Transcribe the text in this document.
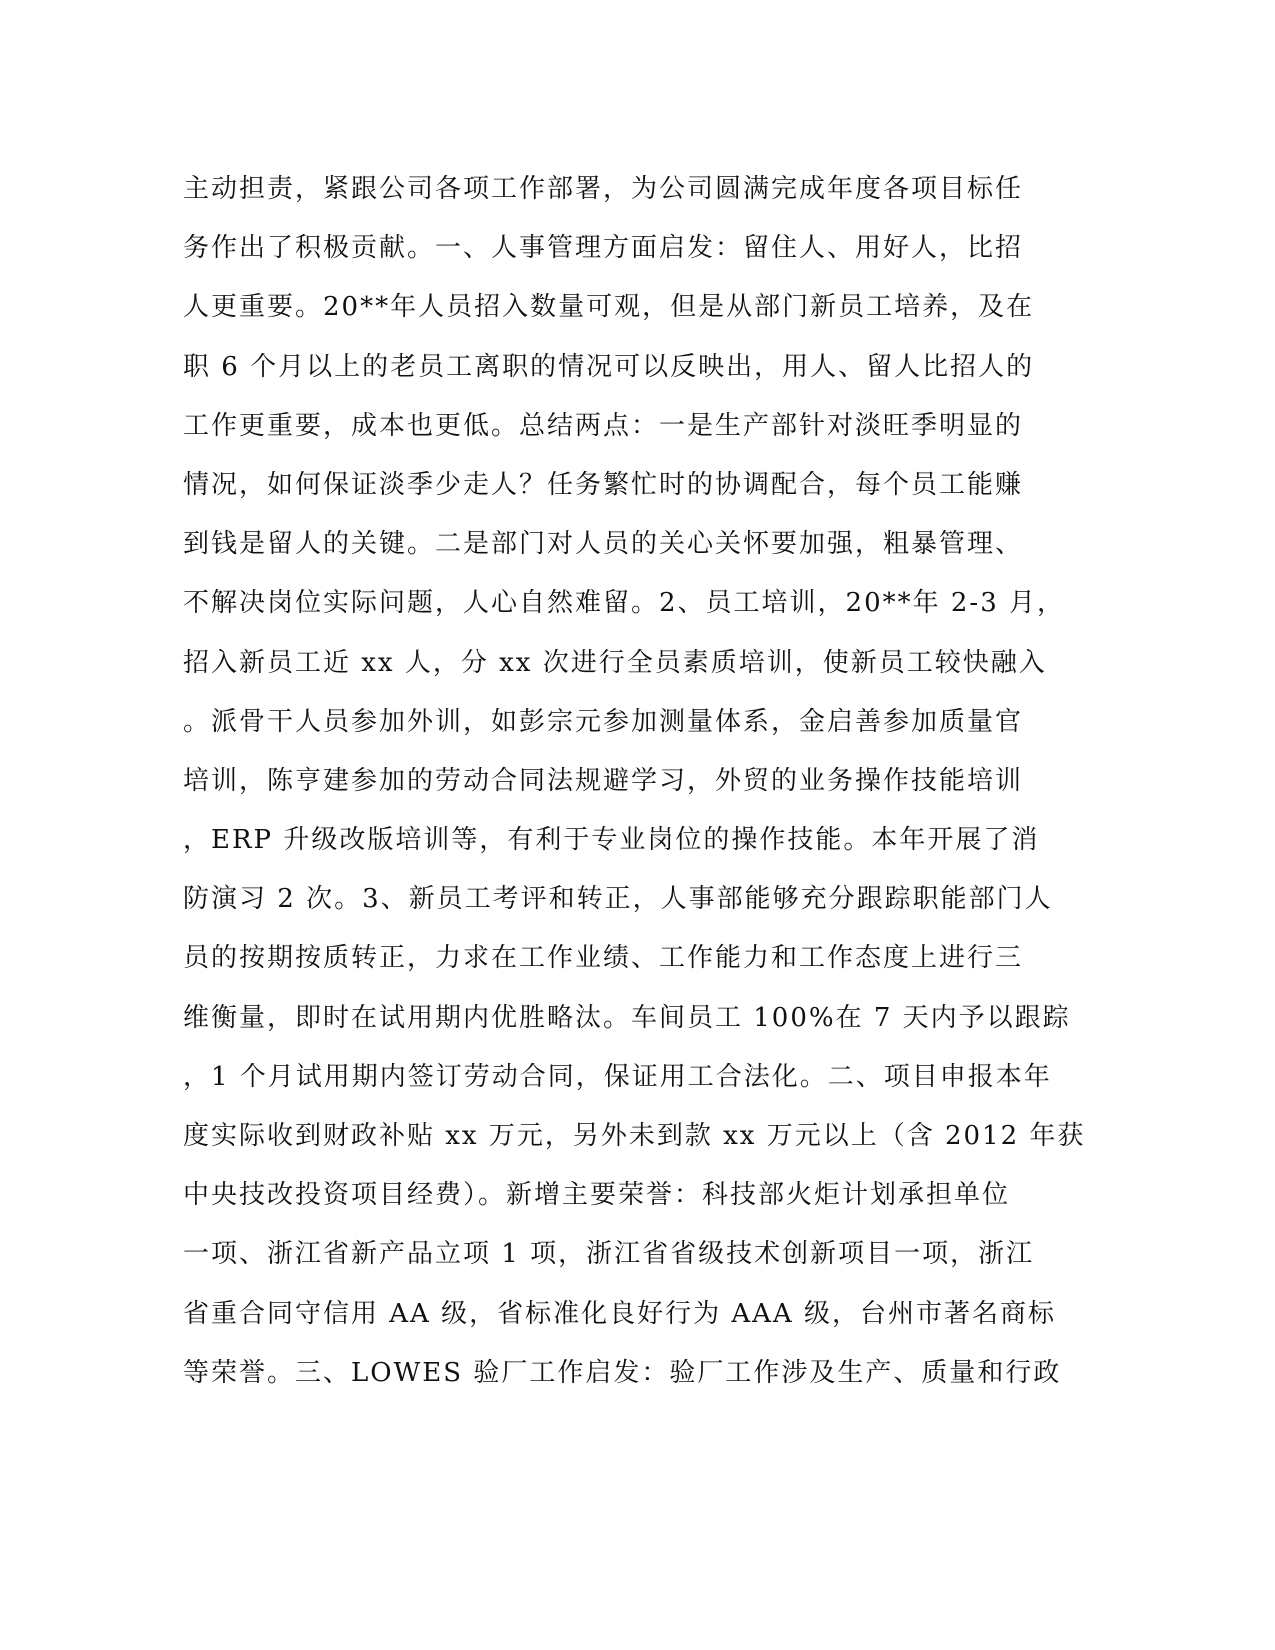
主动担责，紧跟公司各项工作部署，为公司圆满完成年度各项目标任
务作出了积极贡献。一、人事管理方面启发：留住人、用好人，比招
人更重要。20**年人员招入数量可观，但是从部门新员工培养，及在
职 6 个月以上的老员工离职的情况可以反映出，用人、留人比招人的
工作更重要，成本也更低。总结两点：一是生产部针对淡旺季明显的
情况，如何保证淡季少走人？任务繁忙时的协调配合，每个员工能赚
到钱是留人的关键。二是部门对人员的关心关怀要加强，粗暴管理、
不解决岗位实际问题，人心自然难留。2、员工培训，20**年 2-3 月，
招入新员工近 xx 人，分 xx 次进行全员素质培训，使新员工较快融入
。派骨干人员参加外训，如彭宗元参加测量体系，金启善参加质量官
培训，陈亨建参加的劳动合同法规避学习，外贸的业务操作技能培训
，ERP 升级改版培训等，有利于专业岗位的操作技能。本年开展了消
防演习 2 次。3、新员工考评和转正，人事部能够充分跟踪职能部门人
员的按期按质转正，力求在工作业绩、工作能力和工作态度上进行三
维衡量，即时在试用期内优胜略汰。车间员工 100%在 7 天内予以跟踪
，1 个月试用期内签订劳动合同，保证用工合法化。二、项目申报本年
度实际收到财政补贴 xx 万元，另外未到款 xx 万元以上（含 2012 年获
中央技改投资项目经费）。新增主要荣誉：科技部火炬计划承担单位
一项、浙江省新产品立项 1 项，浙江省省级技术创新项目一项，浙江
省重合同守信用 AA 级，省标准化良好行为 AAA 级，台州市著名商标
等荣誉。三、LOWES 验厂工作启发：验厂工作涉及生产、质量和行政
